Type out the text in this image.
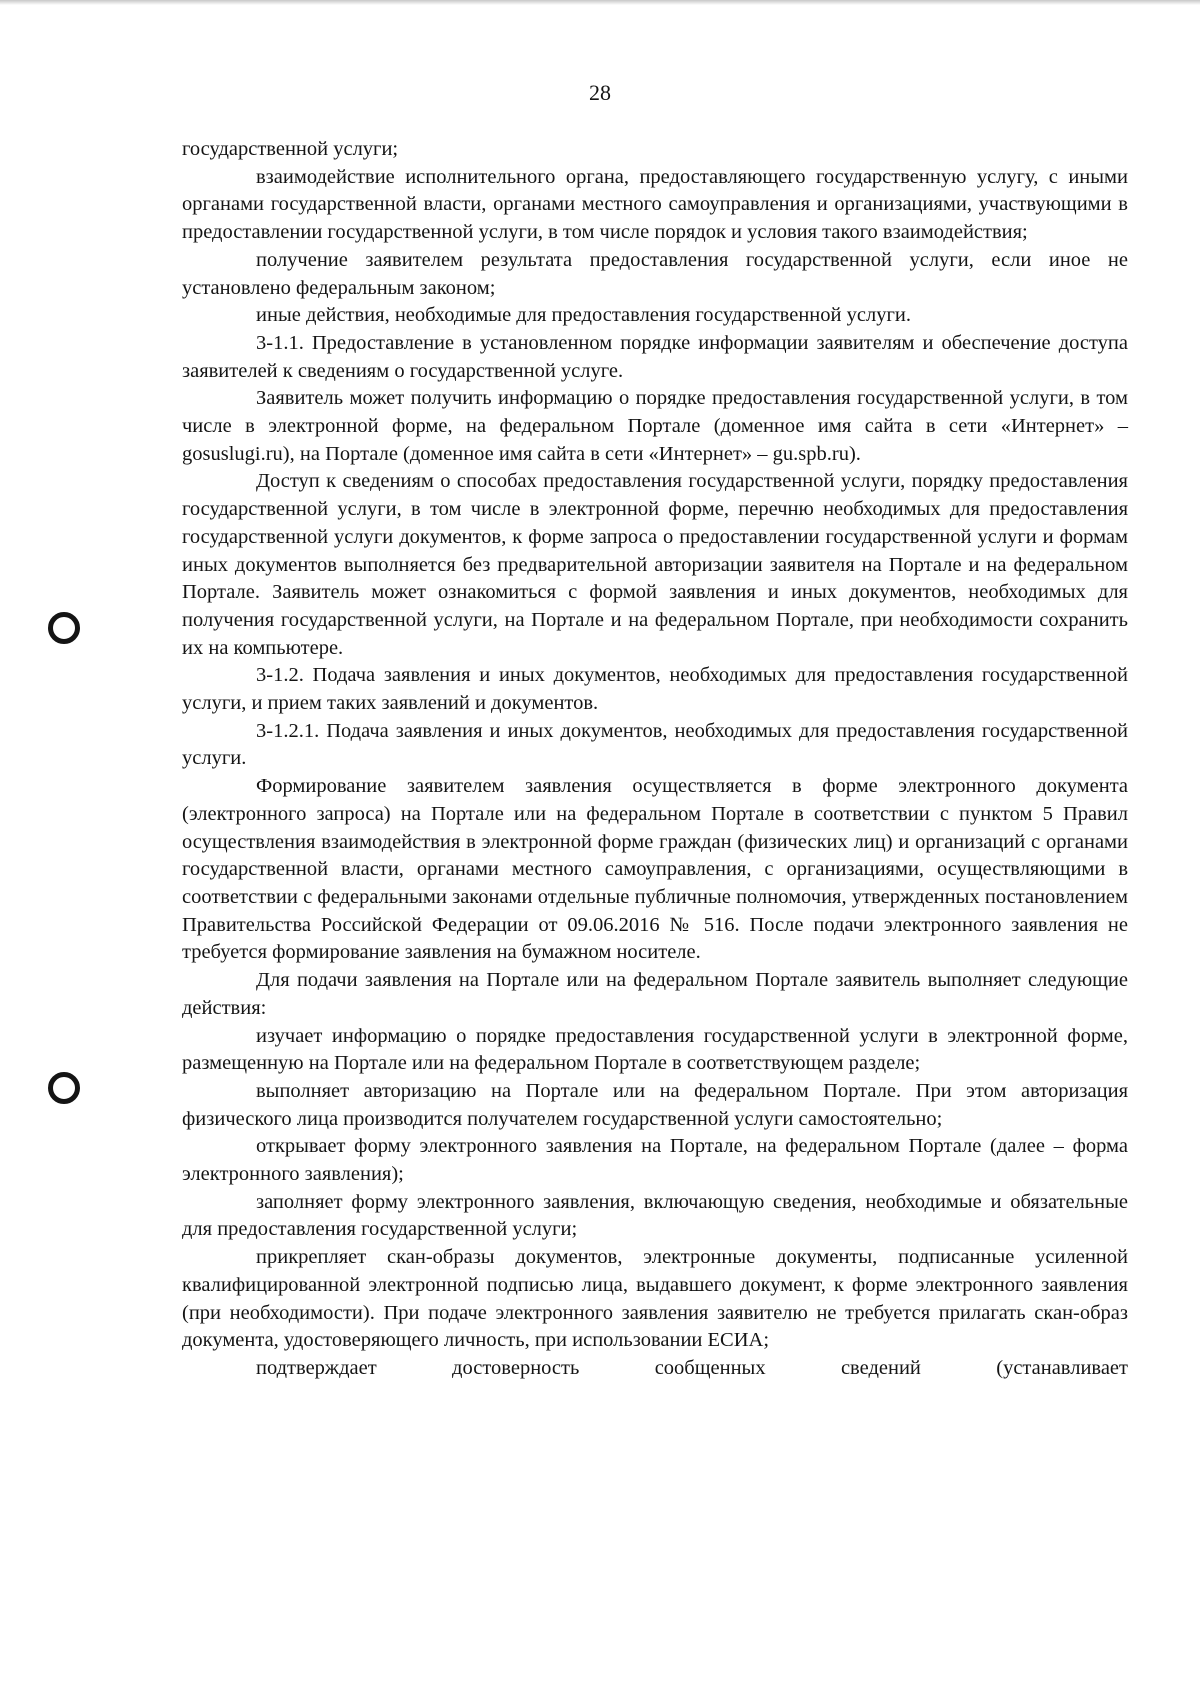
28

государственной услуги;

взаимодействие исполнительного органа, предоставляющего государственную услугу, с иными органами государственной власти, органами местного самоуправления и организациями, участвующими в предоставлении государственной услуги, в том числе порядок и условия такого взаимодействия;

получение заявителем результата предоставления государственной услуги, если иное не установлено федеральным законом;

иные действия, необходимые для предоставления государственной услуги.

3-1.1. Предоставление в установленном порядке информации заявителям и обеспечение доступа заявителей к сведениям о государственной услуге.

Заявитель может получить информацию о порядке предоставления государственной услуги, в том числе в электронной форме, на федеральном Портале (доменное имя сайта в сети «Интернет» – gosuslugi.ru), на Портале (доменное имя сайта в сети «Интернет» – gu.spb.ru).

Доступ к сведениям о способах предоставления государственной услуги, порядку предоставления государственной услуги, в том числе в электронной форме, перечню необходимых для предоставления государственной услуги документов, к форме запроса о предоставлении государственной услуги и формам иных документов выполняется без предварительной авторизации заявителя на Портале и на федеральном Портале. Заявитель может ознакомиться с формой заявления и иных документов, необходимых для получения государственной услуги, на Портале и на федеральном Портале, при необходимости сохранить их на компьютере.

3-1.2. Подача заявления и иных документов, необходимых для предоставления государственной услуги, и прием таких заявлений и документов.

3-1.2.1. Подача заявления и иных документов, необходимых для предоставления государственной услуги.

Формирование заявителем заявления осуществляется в форме электронного документа (электронного запроса) на Портале или на федеральном Портале в соответствии с пунктом 5 Правил осуществления взаимодействия в электронной форме граждан (физических лиц) и организаций с органами государственной власти, органами местного самоуправления, с организациями, осуществляющими в соответствии с федеральными законами отдельные публичные полномочия, утвержденных постановлением Правительства Российской Федерации от 09.06.2016 № 516. После подачи электронного заявления не требуется формирование заявления на бумажном носителе.

Для подачи заявления на Портале или на федеральном Портале заявитель выполняет следующие действия:

изучает информацию о порядке предоставления государственной услуги в электронной форме, размещенную на Портале или на федеральном Портале в соответствующем разделе;

выполняет авторизацию на Портале или на федеральном Портале. При этом авторизация физического лица производится получателем государственной услуги самостоятельно;

открывает форму электронного заявления на Портале, на федеральном Портале (далее – форма электронного заявления);

заполняет форму электронного заявления, включающую сведения, необходимые и обязательные для предоставления государственной услуги;

прикрепляет скан-образы документов, электронные документы, подписанные усиленной квалифицированной электронной подписью лица, выдавшего документ, к форме электронного заявления (при необходимости). При подаче электронного заявления заявителю не требуется прилагать скан-образ документа, удостоверяющего личность, при использовании ЕСИА;

подтверждает достоверность сообщенных сведений (устанавливает
